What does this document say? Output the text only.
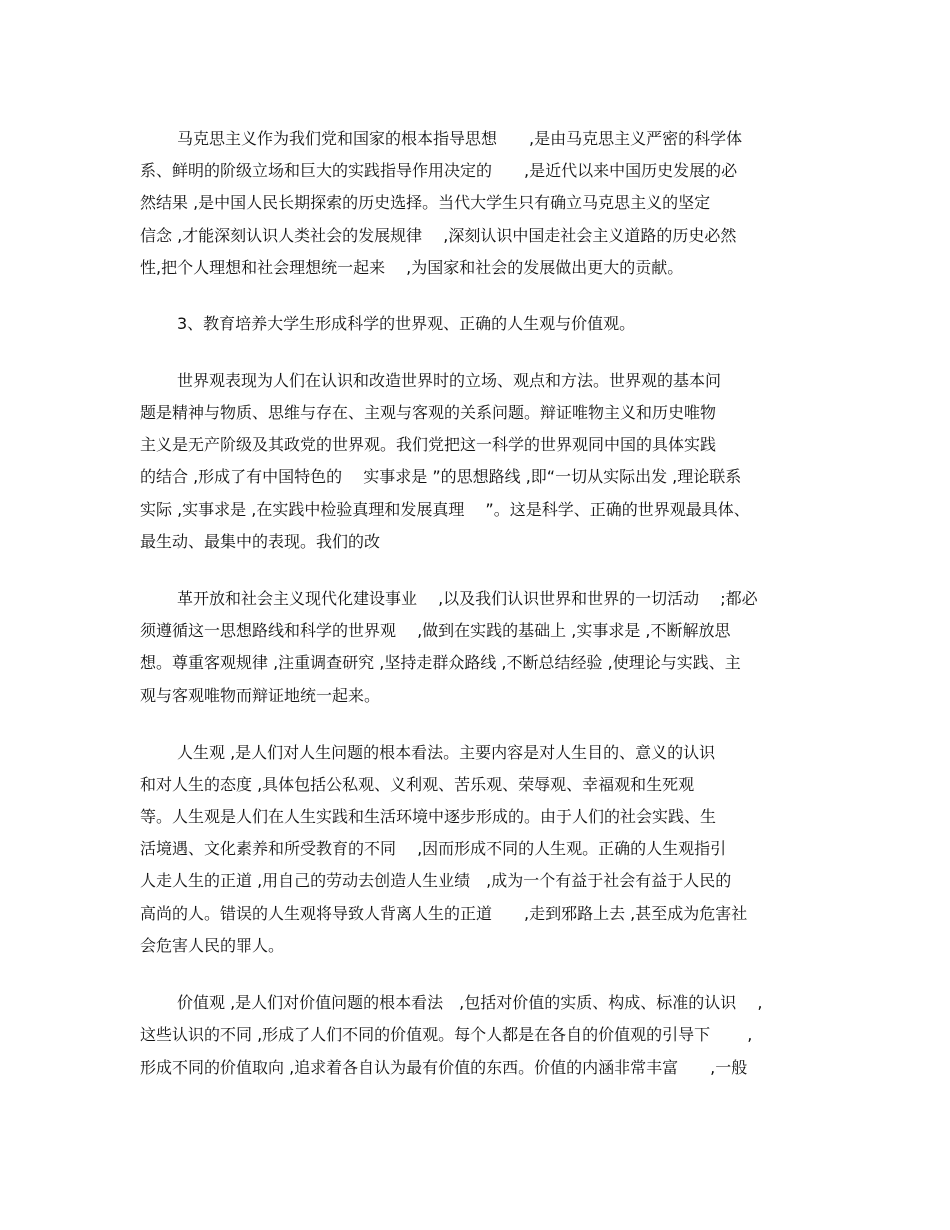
马克思主义作为我们党和国家的根本指导思想　　,是由马克思主义严密的科学体
系、鲜明的阶级立场和巨大的实践指导作用决定的　　,是近代以来中国历史发展的必
然结果 ,是中国人民长期探索的历史选择。当代大学生只有确立马克思主义的坚定
信念 ,才能深刻认识人类社会的发展规律　 ,深刻认识中国走社会主义道路的历史必然
性,把个人理想和社会理想统一起来　 ,为国家和社会的发展做出更大的贡献。
3、教育培养大学生形成科学的世界观、正确的人生观与价值观。
世界观表现为人们在认识和改造世界时的立场、观点和方法。世界观的基本问
题是精神与物质、思维与存在、主观与客观的关系问题。辩证唯物主义和历史唯物
主义是无产阶级及其政党的世界观。我们党把这一科学的世界观同中国的具体实践
的结合 ,形成了有中国特色的　 实事求是 ”的思想路线 ,即“一切从实际出发 ,理论联系
实际 ,实事求是 ,在实践中检验真理和发展真理　 ”。这是科学、正确的世界观最具体、
最生动、最集中的表现。我们的改
革开放和社会主义现代化建设事业　 ,以及我们认识世界和世界的一切活动　 ;都必
须遵循这一思想路线和科学的世界观　 ,做到在实践的基础上 ,实事求是 ,不断解放思
想。尊重客观规律 ,注重调查研究 ,坚持走群众路线 ,不断总结经验 ,使理论与实践、主
观与客观唯物而辩证地统一起来。
人生观 ,是人们对人生问题的根本看法。主要内容是对人生目的、意义的认识
和对人生的态度 ,具体包括公私观、义利观、苦乐观、荣辱观、幸福观和生死观
等。人生观是人们在人生实践和生活环境中逐步形成的。由于人们的社会实践、生
活境遇、文化素养和所受教育的不同　 ,因而形成不同的人生观。正确的人生观指引
人走人生的正道 ,用自己的劳动去创造人生业绩　,成为一个有益于社会有益于人民的
高尚的人。错误的人生观将导致人背离人生的正道　　,走到邪路上去 ,甚至成为危害社
会危害人民的罪人。
价值观 ,是人们对价值问题的根本看法　,包括对价值的实质、构成、标准的认识　 ,
这些认识的不同 ,形成了人们不同的价值观。每个人都是在各自的价值观的引导下　　 ,
形成不同的价值取向 ,追求着各自认为最有价值的东西。价值的内涵非常丰富　　,一般
